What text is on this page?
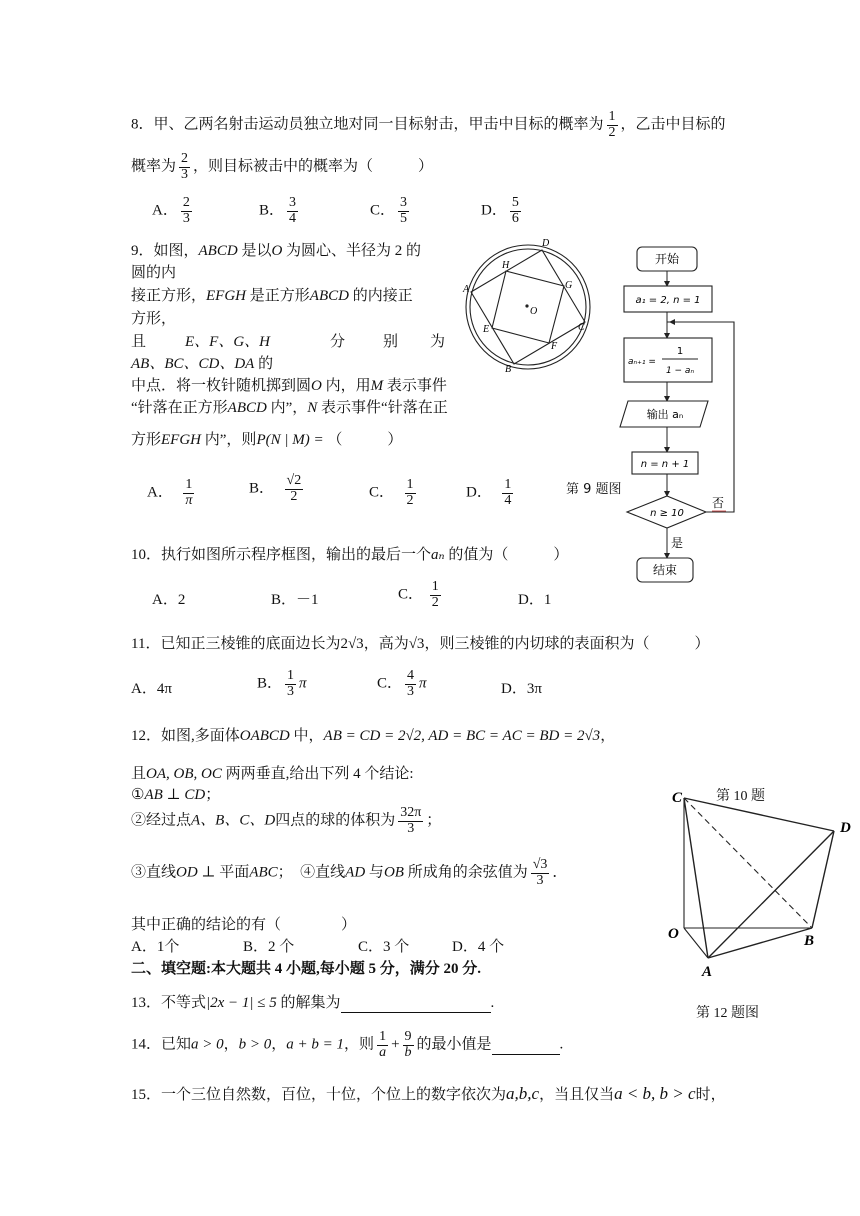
8．甲、乙两名射击运动员独立地对同一目标射击，甲击中目标的概率为 $\frac{1}{2}$ ，乙击中目标的
概率为 $\frac{2}{3}$ ，则目标被击中的概率为（　　　）
A． $\frac{2}{3}$	B． $\frac{3}{4}$	C． $\frac{3}{5}$	D． $\frac{5}{6}$
9．如图，ABCD 是以O 为圆心、半径为 2 的
圆的内
接正方形，EFGH 是正方形ABCD 的内接正
方形，
且	E、F、G、H	分	别 为
AB、BC、CD、DA 的
中点．将一枚针随机掷到圆O 内，用M 表示事件
“针落在正方形ABCD 内”，N 表示事件“针落在正
方形EFGH 内”，则P(N | M) = （　　　）
A． $\frac{1}{\pi}$	B． $\frac{√2}{2}$	C． $\frac{1}{2}$	D． $\frac{1}{4}$
D
C
B
A
H
G
F
E
O
开始
a₁ = 2, n = 1
aₙ₊₁ =
1
1 − aₙ
输出 aₙ
n = n + 1
n ≥ 10
否
是
结束
第 9 题图
10．执行如图所示程序框图，输出的最后一个aₙ 的值为（　　　）
A．2	B．－1	C． $\frac{1}{2}$	D．1
11．已知正三棱锥的底面边长为2√3，高为√3，则三棱锥的内切球的表面积为（　　　）
A．4π	B． $\frac{1}{3}$ π	C． $\frac{4}{3}$ π	D．3π
12．如图,多面体OABCD 中，AB = CD = 2√2, AD = BC = AC = BD = 2√3，
且OA, OB, OC 两两垂直,给出下列 4 个结论:
①AB ⊥ CD；
②经过点A、B、C、D四点的球的体积为 $\frac{32\pi}{3}$ ；
③直线OD ⊥ 平面ABC；　④直线AD 与OB 所成角的余弦值为 $\frac{√3}{3}$ ．
其中正确的结论的有（　　　　）
A．1个	B．2 个	C．3 个	D．4 个
第 10 题
C
D
O	B
A
第 12 题图
二、填空题:本大题共 4 小题,每小题 5 分，满分 20 分.
13．不等式|2x − 1| ≤ 5 的解集为	.
14．已知a > 0，b > 0，a + b = 1，则 $\frac{1}{a} + \frac{9}{b}$ 的最小值是	.
15．一个三位自然数，百位，十位，个位上的数字依次为a,b,c，当且仅当a < b, b > c时，
